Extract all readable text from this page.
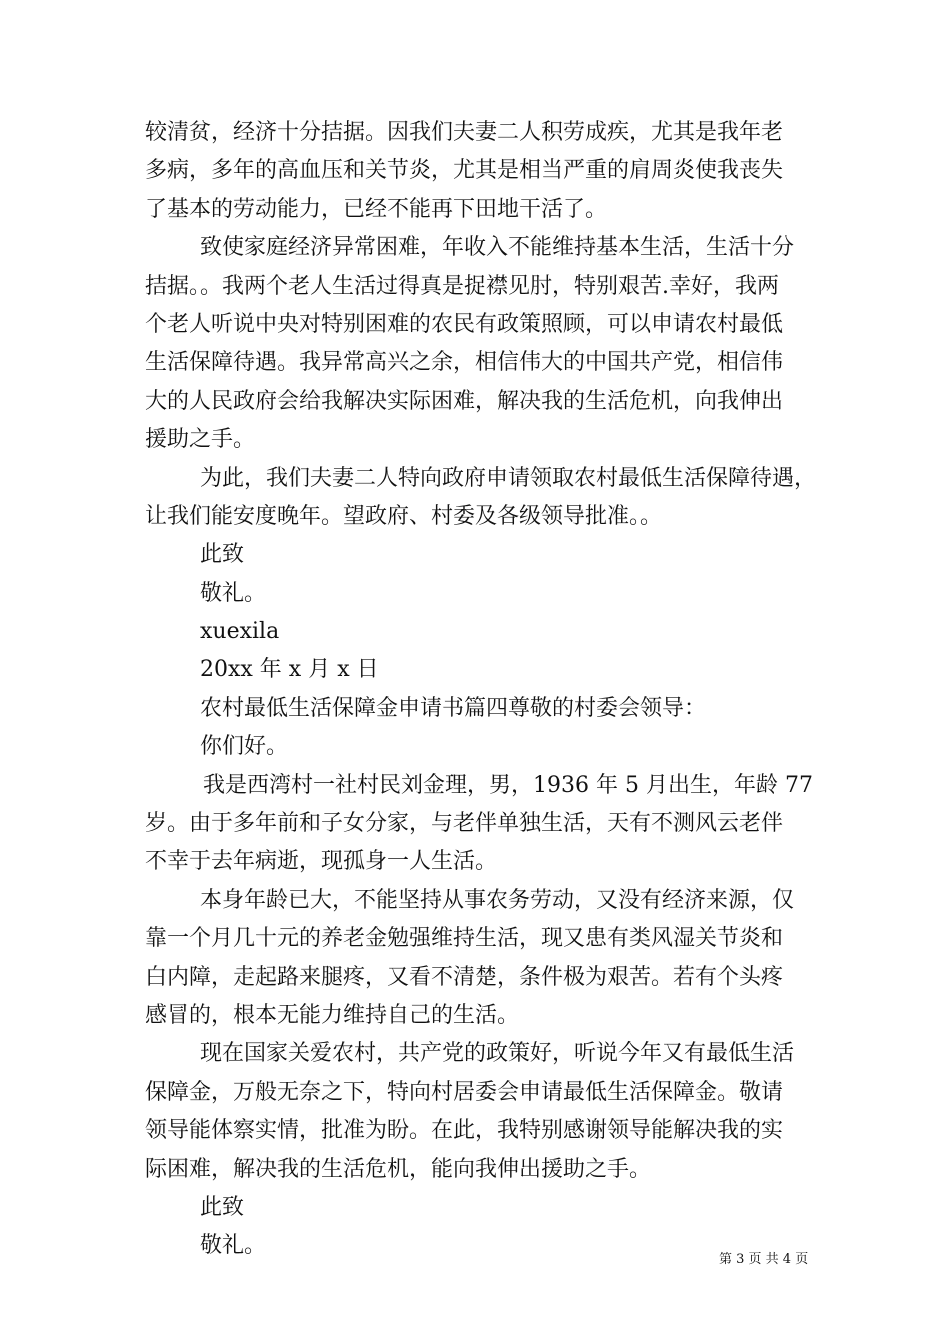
较清贫，经济十分拮据。因我们夫妻二人积劳成疾，尤其是我年老
多病，多年的高血压和关节炎，尤其是相当严重的肩周炎使我丧失
了基本的劳动能力，已经不能再下田地干活了。
致使家庭经济异常困难，年收入不能维持基本生活，生活十分
拮据。。我两个老人生活过得真是捉襟见肘，特别艰苦.幸好，我两
个老人听说中央对特别困难的农民有政策照顾，可以申请农村最低
生活保障待遇。我异常高兴之余，相信伟大的中国共产党，相信伟
大的人民政府会给我解决实际困难，解决我的生活危机，向我伸出
援助之手。
为此，我们夫妻二人特向政府申请领取农村最低生活保障待遇，
让我们能安度晚年。望政府、村委及各级领导批准。。
此致
敬礼。
xuexila
20xx 年 x 月 x 日
农村最低生活保障金申请书篇四尊敬的村委会领导：
你们好。
我是西湾村一社村民刘金理，男，1936 年 5 月出生，年龄 77
岁。由于多年前和子女分家，与老伴单独生活，天有不测风云老伴
不幸于去年病逝，现孤身一人生活。
本身年龄已大，不能坚持从事农务劳动，又没有经济来源，仅
靠一个月几十元的养老金勉强维持生活，现又患有类风湿关节炎和
白内障，走起路来腿疼，又看不清楚，条件极为艰苦。若有个头疼
感冒的，根本无能力维持自己的生活。
现在国家关爱农村，共产党的政策好，听说今年又有最低生活
保障金，万般无奈之下，特向村居委会申请最低生活保障金。敬请
领导能体察实情，批准为盼。在此，我特别感谢领导能解决我的实
际困难，解决我的生活危机，能向我伸出援助之手。
此致
敬礼。
第 3 页 共 4 页
